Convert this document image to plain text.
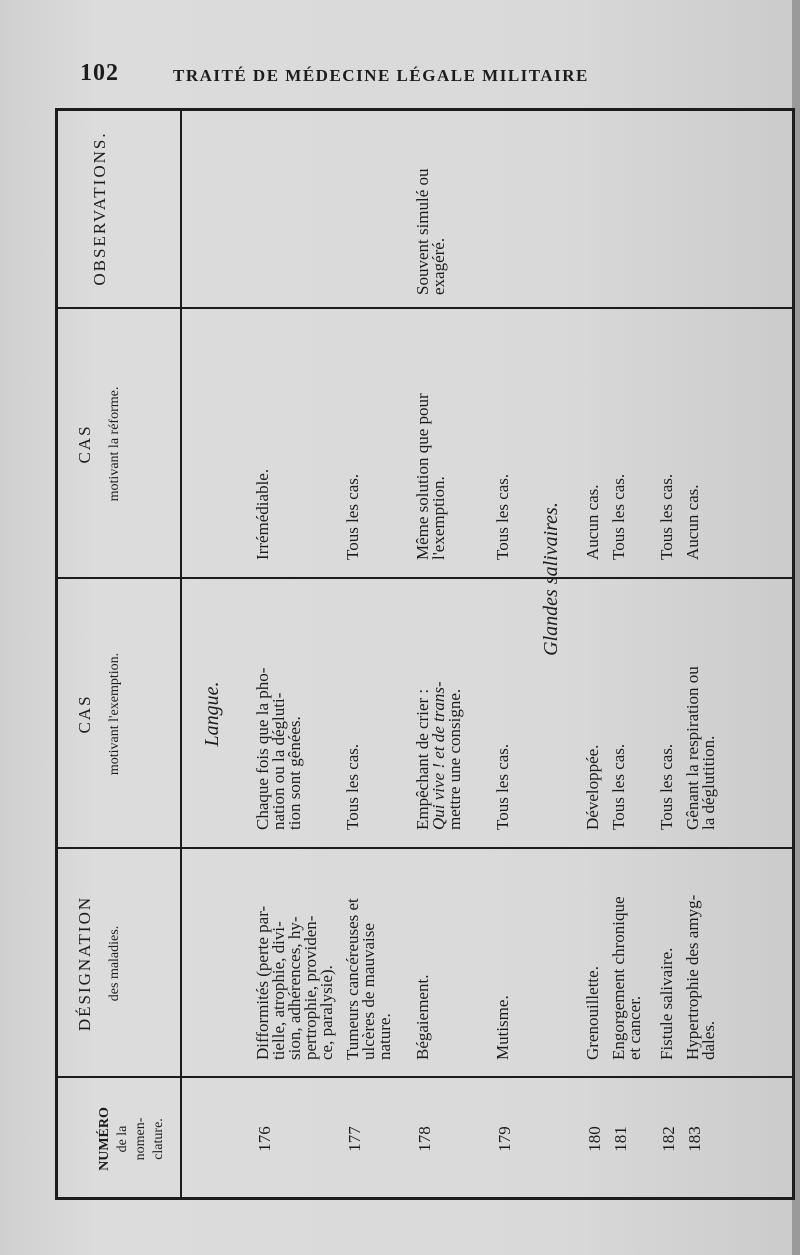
102	TRAITÉ DE MÉDECINE LÉGALE MILITAIRE
NUMÉRO de la nomen- clature.
DÉSIGNATION des maladies.
CAS motivant l'exemption.
CAS motivant la réforme.
OBSERVATIONS.
Langue.
176
Difformités (perte par-
tielle, atrophie, divi-
sion, adhérences, hy-
pertrophie, providen-
ce, paralysie).
Chaque fois que la pho-
nation ou la dégluti-
tion sont gênées.
Irrémédiable.
177
Tumeurs cancéreuses et
ulcères de mauvaise
nature.
Tous les cas.
Tous les cas.
178
Bégaiement.
Empêchant de crier :
Qui vive ! et de trans-
mettre une consigne.
Même solution que pour
l'exemption.
Souvent simulé ou
exagéré.
179
Mutisme.
Tous les cas.
Tous les cas. Glandes salivaires.
180
Grenouillette.
Développée.
Aucun cas.
181
Engorgement chronique
et cancer.
Tous les cas.
Tous les cas.
182
Fistule salivaire.
Tous les cas.
Tous les cas.
183
Hypertrophie des amyg-
dales.
Gênant la respiration ou
la déglutition.
Aucun cas.
